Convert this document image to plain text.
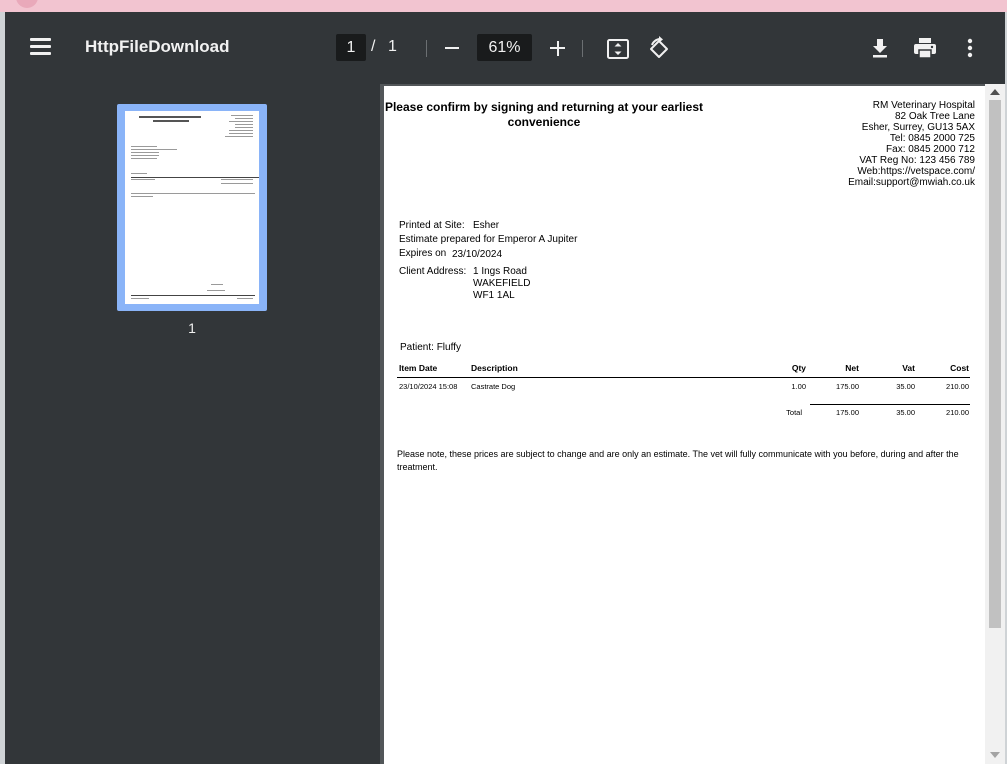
HttpFileDownload	1 / 1	61%
1
Please confirm by signing and returning at your earliest convenience
RM Veterinary Hospital
82 Oak Tree Lane
Esher, Surrey, GU13 5AX
Tel: 0845 2000 725
Fax: 0845 2000 712
VAT Reg No: 123 456 789
Web:https://vetspace.com/
Email:support@mwiah.co.uk
Printed at Site: Esher
Estimate prepared for Emperor A Jupiter
Expires on 23/10/2024
Client Address: 1 Ings Road
WAKEFIELD
WF1 1AL
Patient: Fluffy
Item Date	Description	Qty	Net	Vat	Cost
23/10/2024 15:08 Castrate Dog	1.00	175.00	35.00	210.00
Total	175.00	35.00	210.00
Please note, these prices are subject to change and are only an estimate. The vet will fully communicate with you before, during and after the treatment.
